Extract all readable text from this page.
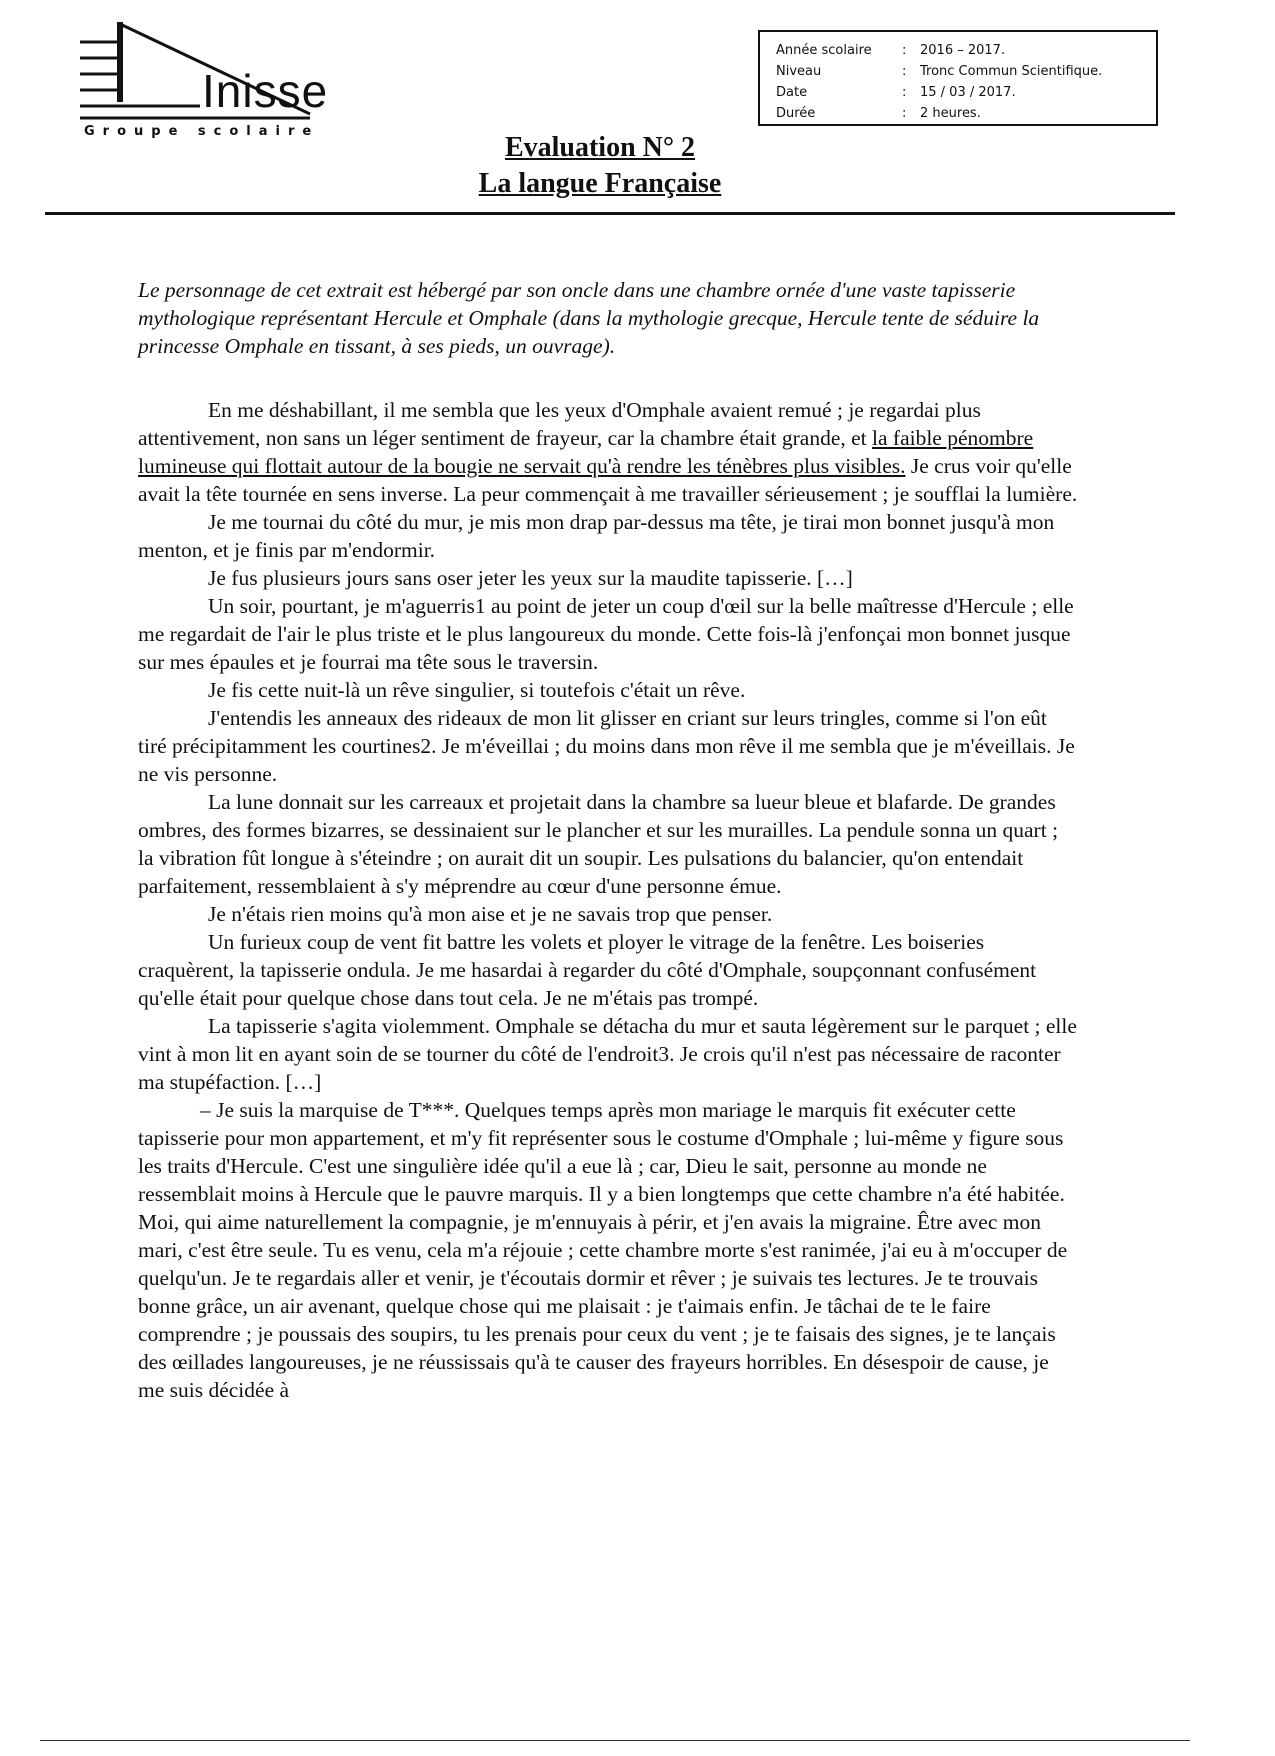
Inisse
Groupe scolaire
Année scolaire	:	2016 – 2017.
Niveau	:	Tronc Commun Scientifique.
Date	:	15 / 03 / 2017.
Durée	:	2 heures.
Evaluation N° 2
La langue Française

Le personnage de cet extrait est hébergé par son oncle dans une chambre ornée d'une vaste tapisserie mythologique représentant Hercule et Omphale (dans la mythologie grecque, Hercule tente de séduire la princesse Omphale en tissant, à ses pieds, un ouvrage).

En me déshabillant, il me sembla que les yeux d'Omphale avaient remué ; je regardai plus attentivement, non sans un léger sentiment de frayeur, car la chambre était grande, et la faible pénombre lumineuse qui flottait autour de la bougie ne servait qu'à rendre les ténèbres plus visibles. Je crus voir qu'elle avait la tête tournée en sens inverse. La peur commençait à me travailler sérieusement ; je soufflai la lumière.

Je me tournai du côté du mur, je mis mon drap par-dessus ma tête, je tirai mon bonnet jusqu'à mon menton, et je finis par m'endormir.

Je fus plusieurs jours sans oser jeter les yeux sur la maudite tapisserie. […]

Un soir, pourtant, je m'aguerris1 au point de jeter un coup d'œil sur la belle maîtresse d'Hercule ; elle me regardait de l'air le plus triste et le plus langoureux du monde. Cette fois-là j'enfonçai mon bonnet jusque sur mes épaules et je fourrai ma tête sous le traversin.

Je fis cette nuit-là un rêve singulier, si toutefois c'était un rêve.

J'entendis les anneaux des rideaux de mon lit glisser en criant sur leurs tringles, comme si l'on eût tiré précipitamment les courtines2. Je m'éveillai ; du moins dans mon rêve il me sembla que je m'éveillais. Je ne vis personne.

La lune donnait sur les carreaux et projetait dans la chambre sa lueur bleue et blafarde. De grandes ombres, des formes bizarres, se dessinaient sur le plancher et sur les murailles. La pendule sonna un quart ; la vibration fût longue à s'éteindre ; on aurait dit un soupir. Les pulsations du balancier, qu'on entendait parfaitement, ressemblaient à s'y méprendre au cœur d'une personne émue.

Je n'étais rien moins qu'à mon aise et je ne savais trop que penser.

Un furieux coup de vent fit battre les volets et ployer le vitrage de la fenêtre. Les boiseries craquèrent, la tapisserie ondula. Je me hasardai à regarder du côté d'Omphale, soupçonnant confusément qu'elle était pour quelque chose dans tout cela. Je ne m'étais pas trompé.

La tapisserie s'agita violemment. Omphale se détacha du mur et sauta légèrement sur le parquet ; elle vint à mon lit en ayant soin de se tourner du côté de l'endroit3. Je crois qu'il n'est pas nécessaire de raconter ma stupéfaction. […]

– Je suis la marquise de T***. Quelques temps après mon mariage le marquis fit exécuter cette tapisserie pour mon appartement, et m'y fit représenter sous le costume d'Omphale ; lui-même y figure sous les traits d'Hercule. C'est une singulière idée qu'il a eue là ; car, Dieu le sait, personne au monde ne ressemblait moins à Hercule que le pauvre marquis. Il y a bien longtemps que cette chambre n'a été habitée. Moi, qui aime naturellement la compagnie, je m'ennuyais à périr, et j'en avais la migraine. Être avec mon mari, c'est être seule. Tu es venu, cela m'a réjouie ; cette chambre morte s'est ranimée, j'ai eu à m'occuper de quelqu'un. Je te regardais aller et venir, je t'écoutais dormir et rêver ; je suivais tes lectures. Je te trouvais bonne grâce, un air avenant, quelque chose qui me plaisait : je t'aimais enfin. Je tâchai de te le faire comprendre ; je poussais des soupirs, tu les prenais pour ceux du vent ; je te faisais des signes, je te lançais des œillades langoureuses, je ne réussissais qu'à te causer des frayeurs horribles. En désespoir de cause, je me suis décidée à
